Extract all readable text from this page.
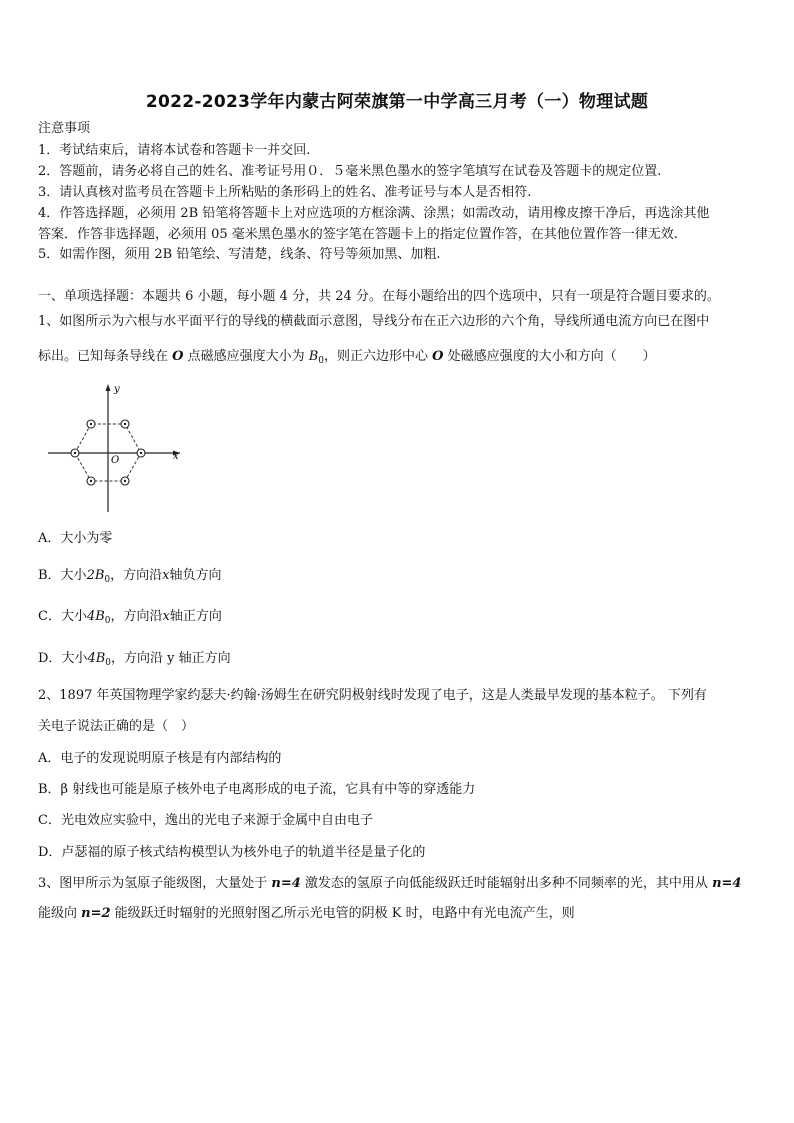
2022-2023学年内蒙古阿荣旗第一中学高三月考（一）物理试题
注意事项
1．考试结束后，请将本试卷和答题卡一并交回.
2．答题前，请务必将自己的姓名、准考证号用０．５毫米黑色墨水的签字笔填写在试卷及答题卡的规定位置.
3．请认真核对监考员在答题卡上所粘贴的条形码上的姓名、准考证号与本人是否相符.
4．作答选择题，必须用 2B 铅笔将答题卡上对应选项的方框涂满、涂黑；如需改动，请用橡皮擦干净后，再选涂其他
答案．作答非选择题，必须用 05 毫米黑色墨水的签字笔在答题卡上的指定位置作答，在其他位置作答一律无效.
5．如需作图，须用 2B 铅笔绘、写清楚，线条、符号等须加黑、加粗.
一、单项选择题：本题共 6 小题，每小题 4 分，共 24 分。在每小题给出的四个选项中，只有一项是符合题目要求的。
1、如图所示为六根与水平面平行的导线的横截面示意图，导线分布在正六边形的六个角，导线所通电流方向已在图中
标出。已知每条导线在 O 点磁感应强度大小为 $B_0$，则正六边形中心 O 处磁感应强度的大小和方向（　　）
y
x
O
A．大小为零
B．大小$2B_0$，方向沿x轴负方向
C．大小$4B_0$，方向沿x轴正方向
D．大小$4B_0$，方向沿 y 轴正方向
2、1897 年英国物理学家约瑟夫·约翰·汤姆生在研究阴极射线时发现了电子，这是人类最早发现的基本粒子。 下列有
关电子说法正确的是（　）
A．电子的发现说明原子核是有内部结构的
B．β 射线也可能是原子核外电子电离形成的电子流，它具有中等的穿透能力
C．光电效应实验中，逸出的光电子来源于金属中自由电子
D．卢瑟福的原子核式结构模型认为核外电子的轨道半径是量子化的
3、图甲所示为氢原子能级图，大量处于 n=4 激发态的氢原子向低能级跃迁时能辐射出多种不同频率的光，其中用从 n=4
能级向 n=2 能级跃迁时辐射的光照射图乙所示光电管的阴极 K 时，电路中有光电流产生，则
